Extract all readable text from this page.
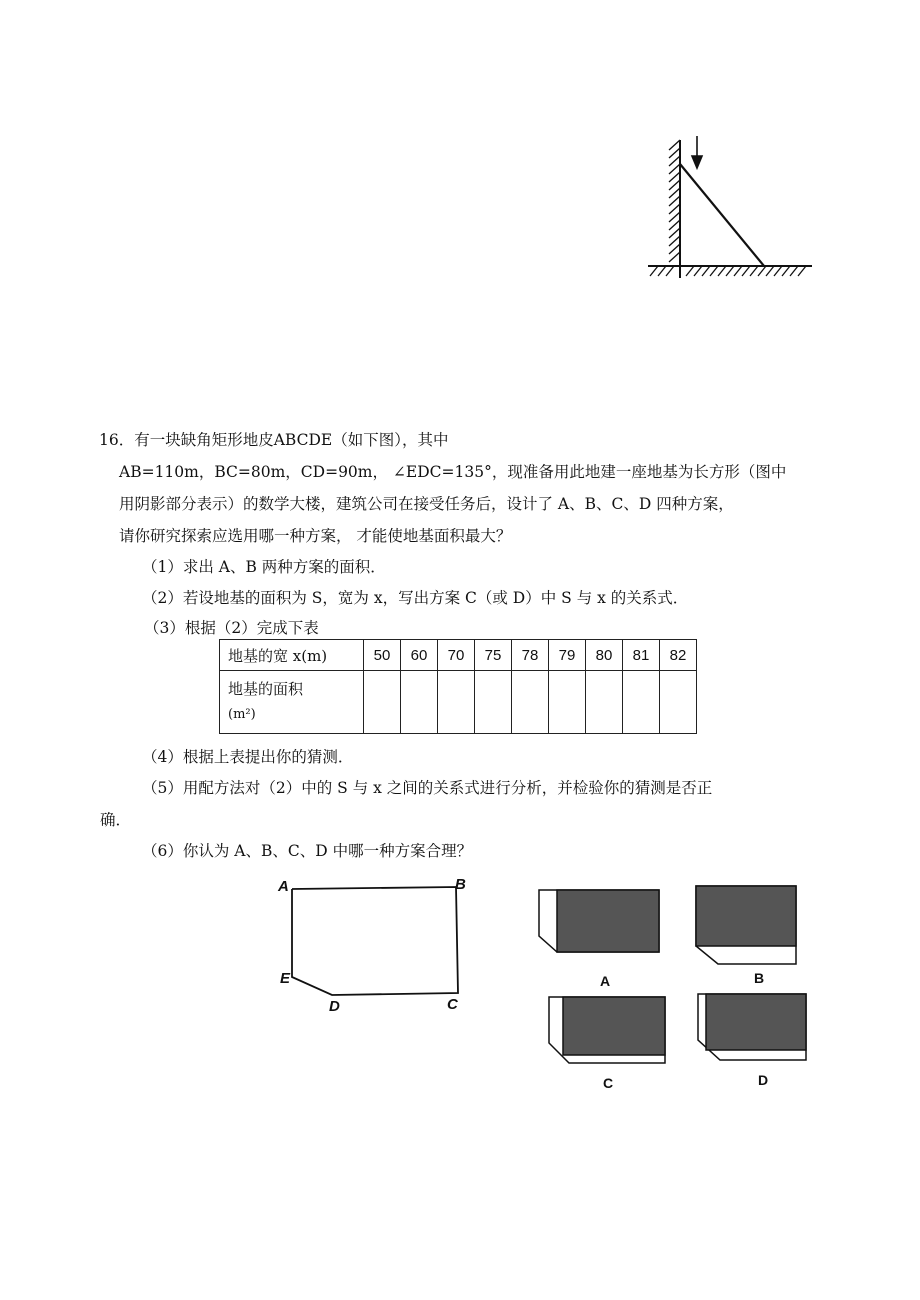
16．有一块缺角矩形地皮ABCDE（如下图），其中
AB=110m，BC=80m，CD=90m， ∠EDC=135°，现准备用此地建一座地基为长方形（图中
用阴影部分表示）的数学大楼，建筑公司在接受任务后，设计了 A、B、C、D 四种方案，
请你研究探索应选用哪一种方案， 才能使地基面积最大？
（1）求出 A、B 两种方案的面积．
（2）若设地基的面积为 S，宽为 x，写出方案 C（或 D）中 S 与 x 的关系式．
（3）根据（2）完成下表
地基的宽 x(m)	50	60	70	75	78	79	80	81	82

地基的面积
(m²)									

（4）根据上表提出你的猜测．
（5）用配方法对（2）中的 S 与 x 之间的关系式进行分析，并检验你的猜测是否正
确．
（6）你认为 A、B、C、D 中哪一种方案合理？
A	B
C
D
E	A	B
C	D
